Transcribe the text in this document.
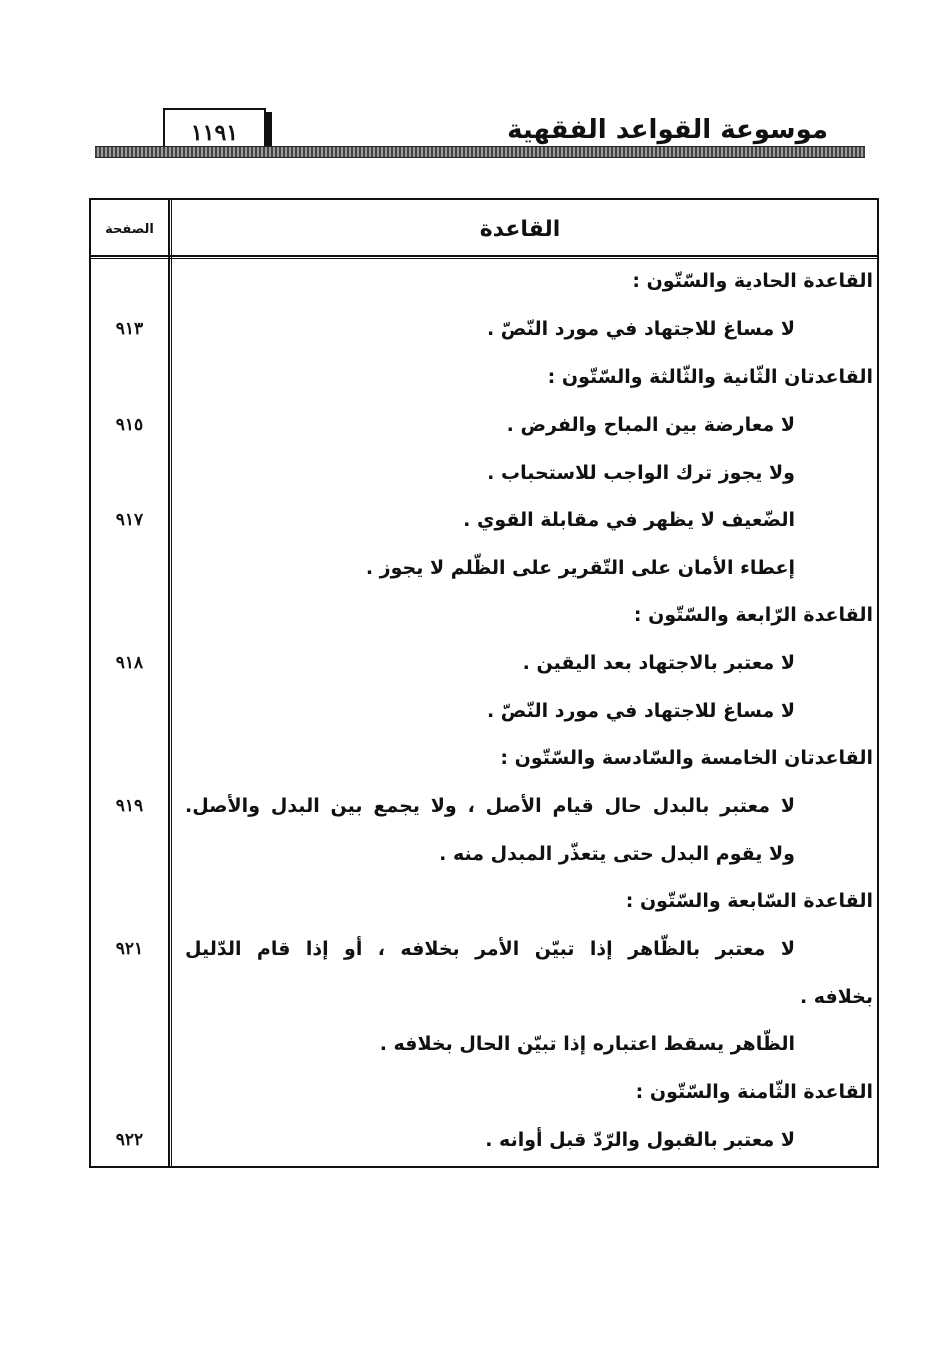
موسوعة القواعد الفقهية
١١٩١
القاعدة
الصفحة
القاعدة الحادية والسّتّون :
لا مساغ للاجتهاد في مورد النّصّ .
٩١٣
القاعدتان الثّانية والثّالثة والسّتّون :
لا معارضة بين المباح والفرض .
٩١٥
ولا يجوز ترك الواجب للاستحباب .
الضّعيف لا يظهر في مقابلة القوي .
٩١٧
إعطاء الأمان على التّقرير على الظّلم لا يجوز .
القاعدة الرّابعة والسّتّون :
لا معتبر بالاجتهاد بعد اليقين .
٩١٨
لا مساغ للاجتهاد في مورد النّصّ .
القاعدتان الخامسة والسّادسة والسّتّون :
لا معتبر بالبدل حال قيام الأصل ، ولا يجمع بين البدل والأصل.
٩١٩
ولا يقوم البدل حتى يتعذّر المبدل منه .
القاعدة السّابعة والسّتّون :
لا معتبر بالظّاهر إذا تبيّن الأمر بخلافه ، أو إذا قام الدّليل
٩٢١
بخلافه .
الظّاهر يسقط اعتباره إذا تبيّن الحال بخلافه .
القاعدة الثّامنة والسّتّون :
لا معتبر بالقبول والرّدّ قبل أوانه .
٩٢٢
